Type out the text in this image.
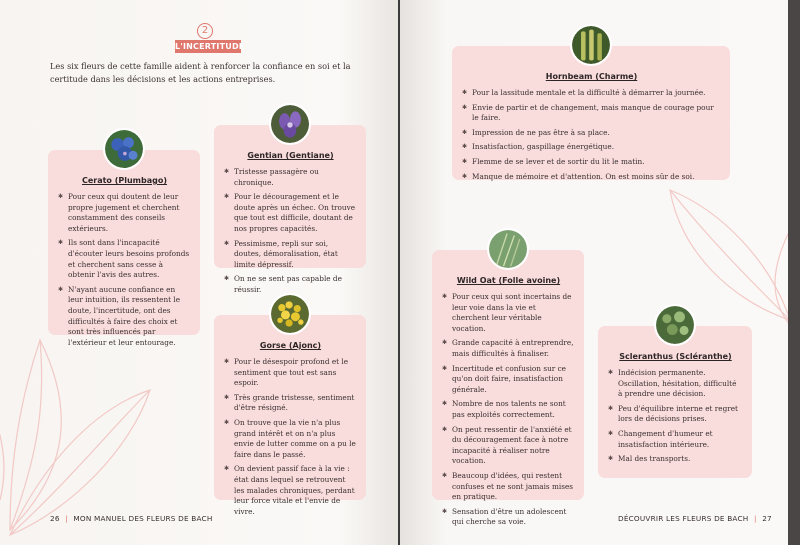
2
L'INCERTITUDE

Les six fleurs de cette famille aident à renforcer la confiance en soi et la certitude dans les décisions et les actions entreprises.

Cerato (Plumbago)
✱ Pour ceux qui doutent de leur propre jugement et cherchent constamment des conseils extérieurs.
✱ Ils sont dans l'incapacité d'écouter leurs besoins profonds et cherchent sans cesse à obtenir l'avis des autres.
✱ N'ayant aucune confiance en leur intuition, ils ressentent le doute, l'incertitude, ont des difficultés à faire des choix et sont très influencés par l'extérieur et leur entourage.
Gentian (Gentiane)
✱ Tristesse passagère ou chronique.
✱ Pour le découragement et le doute après un échec. On trouve que tout est difficile, doutant de nos propres capacités.
✱ Pessimisme, repli sur soi, doutes, démoralisation, état limite dépressif.
✱ On ne se sent pas capable de réussir.
Gorse (Ajonc)
✱ Pour le désespoir profond et le sentiment que tout est sans espoir.
✱ Très grande tristesse, sentiment d'être résigné.
✱ On trouve que la vie n'a plus grand intérêt et on n'a plus envie de lutter comme on a pu le faire dans le passé.
✱ On devient passif face à la vie : état dans lequel se retrouvent les malades chroniques, perdant leur force vitale et l'envie de vivre.
26 | MON MANUEL DES FLEURS DE BACH
Hornbeam (Charme)
✱ Pour la lassitude mentale et la difficulté à démarrer la journée.
✱ Envie de partir et de changement, mais manque de courage pour le faire.
✱ Impression de ne pas être à sa place.
✱ Insatisfaction, gaspillage énergétique.
✱ Flemme de se lever et de sortir du lit le matin.
✱ Manque de mémoire et d'attention. On est moins sûr de soi.
Wild Oat (Folle avoine)
✱ Pour ceux qui sont incertains de leur voie dans la vie et cherchent leur véritable vocation.
✱ Grande capacité à entreprendre, mais difficultés à finaliser.
✱ Incertitude et confusion sur ce qu'on doit faire, insatisfaction générale.
✱ Nombre de nos talents ne sont pas exploités correctement.
✱ On peut ressentir de l'anxiété et du découragement face à notre incapacité à réaliser notre vocation.
✱ Beaucoup d'idées, qui restent confuses et ne sont jamais mises en pratique.
✱ Sensation d'être un adolescent qui cherche sa voie.
Scleranthus (Scléranthe)
✱ Indécision permanente. Oscillation, hésitation, difficulté à prendre une décision.
✱ Peu d'équilibre interne et regret lors de décisions prises.
✱ Changement d'humeur et insatisfaction intérieure.
✱ Mal des transports.
DÉCOUVRIR LES FLEURS DE BACH | 27
